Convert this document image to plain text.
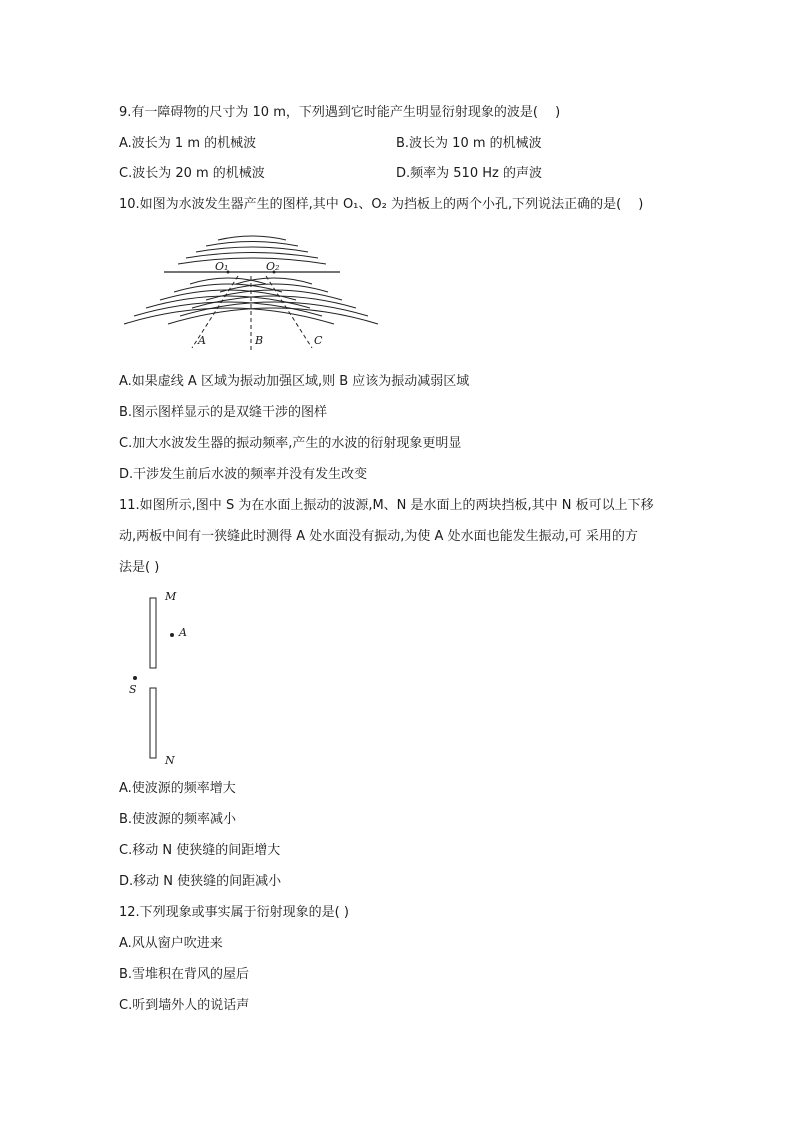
9.有一障碍物的尺寸为 10 m，下列遇到它时能产生明显衍射现象的波是(　 )
A.波长为 1 m 的机械波	B.波长为 10 m 的机械波
C.波长为 20 m 的机械波	D.频率为 510 Hz 的声波
10.如图为水波发生器产生的图样,其中 O₁、O₂ 为挡板上的两个小孔,下列说法正确的是(　 )
O₁	O₂
A	B	C
A.如果虚线 A 区域为振动加强区域,则 B 应该为振动减弱区域
B.图示图样显示的是双缝干涉的图样
C.加大水波发生器的振动频率,产生的水波的衍射现象更明显
D.干涉发生前后水波的频率并没有发生改变
11.如图所示,图中 S 为在水面上振动的波源,M、N 是水面上的两块挡板,其中 N 板可以上下移
动,两板中间有一狭缝此时测得 A 处水面没有振动,为使 A 处水面也能发生振动,可 采用的方
法是( )
M
A
S
N
A.使波源的频率增大
B.使波源的频率减小
C.移动 N 使狭缝的间距增大
D.移动 N 使狭缝的间距减小
12.下列现象或事实属于衍射现象的是( )
A.风从窗户吹进来
B.雪堆积在背风的屋后
C.听到墙外人的说话声
